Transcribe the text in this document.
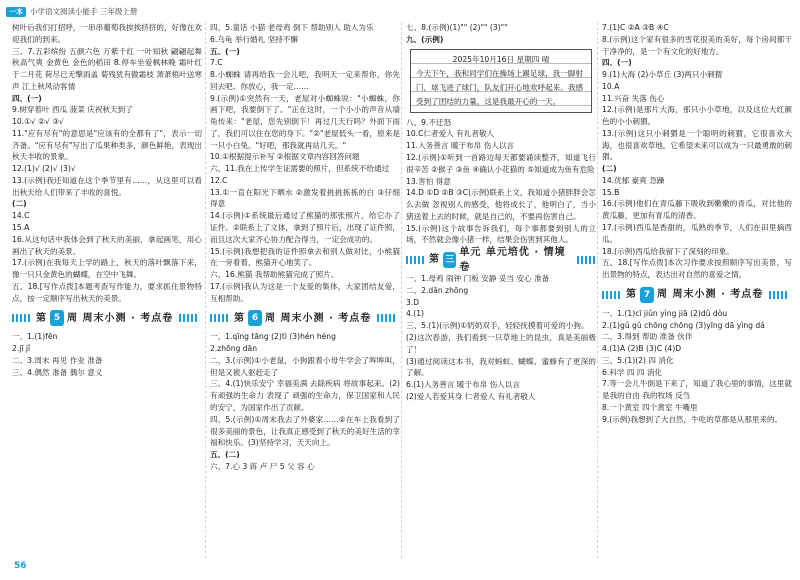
一本 小学语文阅读小能手 三年级上册

树叶后我们打招呼，一串串葡萄我挨挨挤挤的，好像在欢迎我们的到来。

三、7.五彩缤纷 五颜六色 万紫千红 一叶知秋 翩翩起舞 秋高气爽 金黄色 金色的稻田 8.停车坐爱枫林晚 霜叶红于二月花 荷尽已无擎雨盖 菊残犹有傲霜枝 萧萧梧叶送寒声 江上秋风动客情

四、(一)

9.树穿着叶 西瓜 菠菜 庆祝秋天到了

10.①√ ②√ ③√

11."应有尽有"的意思是"应该有的全都有了"，表示一切齐备。"应有尽有"写出了瓜果种类多，颜色鲜艳，表现出秋天丰收的景象。

12.(1)√ (2)√ (3)√

13.(示例)我还知道在这个季节里有……，从这里可以看出秋天给人们带来了丰收的喜悦。

(二)

14.C

15.A

16.从这句话中我体会到了秋天的美丽，拿起画笔，用心画出了秋天的美景。

17.(示例)在我每天上学的路上，秋天的落叶飘落下来，像一只只金黄色的蝴蝶，在空中飞舞。

五、18.[写作点拨]本题考查写作能力，要求抓住景物特点，按一定顺序写出秋天的美景。

第 5 周 周末小测 · 考点卷

一、1.(1)fēn

2.jī jǐ

二、3.周末 再见 作业 准备

三、4.偶然 准备 偶尔 意义

四、5.童话 小猫 老母鸡 倒下 帮助别人 助人为乐

6.乌龟 举行婚礼 坚持不懈

五、(一)

7.C

8.小蜘蛛 请再给我一会儿吧，我明天一定来帮你，你先回去吧。你放心，我一定……

9.(示例)①突然有一天，老屋对小蜘蛛说："小蜘蛛，你画下吧，我要倒下了。"正在这时，一个小小的声音从墙角传来："老屋，您先别倒下！再过几天行吗？外面下雨了，我们可以住在您的身下。"②"老屋低头一看，原来是一只小白兔。"好吧，那我就再站几天。"

10.①根据提示补写 ②根据文章内容回答问题

六、11.我在上传学生证需要的照片，但系统不给通过

12.C

13.①一直在阳光下晒水 ②激发着挑挑拣拣的白 ③仔细 得意

14.(示例)①系统最后通过了熊猫的那张照片，给它办了证件。②联系上了文体，拿到了照片后，出现了证件照，而且这次大家齐心协力配合得当，一定会成功的。

15.(示例)我想把我的证件照拿去和别人做对比，小熊猫在一旁看着，熊猫开心地笑了。

六、16.熊猫 我帮助熊猫完成了照片。

17.(示例)我认为这是一个友爱的集体，大家团结友爱，互相帮助。

第 6 周 周末小测 · 考点卷

一、1.qīng tāng (2)tì (3)hén héng

2.zhōng dān

二、3.(示例)①小老鼠，小狗跟着小母牛学会了哞哞叫，但是又被人驱赶走了

三、4.(1)快乐安宁 幸福美满 去除疾病 将故事起来。(2)有顽强的生命力 表现了 顽强的生命力，保卫国家和人民的安宁，为国家作出了贡献。

四、5.(示例)①周末我去了外婆家……②在车上我看到了很多美丽的景色，让我真正感受到了秋天的美好生活的幸福和快乐。(3)坚持学习，天天向上。

五、(二)

六、7.心 3 蒋 卢 尸 5 父 容 心

七、8.(示例)(1)"" (2)"" (3)""

九、(示例)

2025年10月16日 星期四 晴
今天下午，我和同学们在操场上踢足球，我一脚射门，球飞进了球门，队友们开心地欢呼起来。我感受到了团结的力量，这是我最开心的一天。

八、9.不迁怒

10.C仁者爱人 有礼者敬人

11.入务善言 暖于布帛 伤人以言

12.(示例)①听到一首路边每天都要诵读整齐，知道飞行很辛苦 ②猴子 ③鱼 ④确认小花猫的 ⑤知道成为鱼有危险

13.害怕 得意

14.D ①D ②B ③C(示例)联系上文，我知道小猪胖胖会怎么去做 忽视别人的感受，他将成长了，他明白了，当小猪送着上去的时候，就是自己的，不要再伤害自己。

15.(示例)这个故事告诉我们，每个事都要到别人的立场，不然就会像小猪一样，结果会伤害到其他人。

第 三
单元 单元培优 · 情境卷

一、1.母鸡 闹钟 门板 安静 妥当 安心 准备

二、2.dān zhōng

3.D

4.(1)

三、5.(1)(示例)①奶奶双手，轻轻抚摸着可爱的小狗。

(2)这次春游，我们看到一只草地上的昆虫，真是美丽极了！

(3)通过阅读这本书，我对蚂蚁、蝴蝶、蜜蜂有了更深的了解。

6.(1)入务善言 暖于布帛 伤人以言

(2)爱人若爱其身 仁者爱人 有礼者敬人

7.(1)C ②A ③B ④C

8.(示例)这个家有很多的雪花很美的美好，每个房间都干干净净的，是一个有文化的好地方。

四、(一)

9.(1)大海 (2)小草丘 (3)两只小刺猬

10.A

11.兴奋 失落 伤心

12.(示例)是那片大海，那只小小草地，以及这位大红颜色的小小刺猬。

13.(示例)这只小刺猬是一个聪明的刺猬，它很喜欢大海，也很喜欢草地，它希望未来可以成为一只最勇敢的刺猬。

(二)

14.优郁 豪爽 急躁

15.B

16.(示例)他们在青瓜藤下吸收到嫩嫩的青瓜，对比他的黄瓜藤，更加有青瓜的清香。

17.(示例)西瓜是香甜的，瓜熟的季节，人们在田里摘西瓜。

18.(示例)西瓜给我留下了深刻的印象。

五、18.[写作点拨]本次习作要求按照顺序写出美景，写出景物的特点，表达出对自然的喜爱之情。

第 7 周 周末小测 · 考点卷

一、1.(1)cī jiǔn yìng jiā (2)dǔ dòu

2.(1)gǔ gǔ chōng chōng (3)yīng dā yìng dá

二、3.得到 帮助 准备 伙伴

4.(1)A (2)B (3)C (4)D

三、5.(1)(2) 四 消化

6.科学 四 四 消化

7.等一会儿牛倒是下来了，知道了我心里的事情，这里就是我的自由 我的牧场 反刍

8.一个黄室 四个黄室 牛嘴里

9.(示例)我想到了大自然，牛吃的草都是从那里来的。

56
